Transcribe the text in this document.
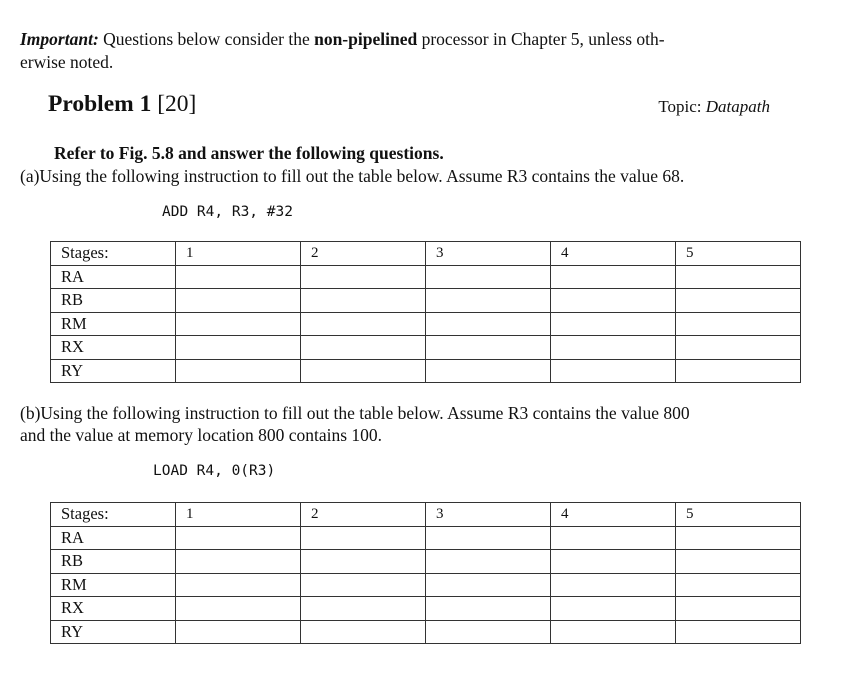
Important: Questions below consider the non-pipelined processor in Chapter 5, unless oth-
erwise noted.
Problem 1 [20]	Topic: Datapath
Refer to Fig. 5.8 and answer the following questions.
(a)Using the following instruction to fill out the table below. Assume R3 contains the value 68.
ADD R4, R3, #32
Stages:	1	2	3	4	5
RA					
RB					
RM					
RX					
RY					
(b)Using the following instruction to fill out the table below. Assume R3 contains the value 800
and the value at memory location 800 contains 100.
LOAD R4, 0(R3)
Stages:	1	2	3	4	5
RA					
RB					
RM					
RX					
RY					
